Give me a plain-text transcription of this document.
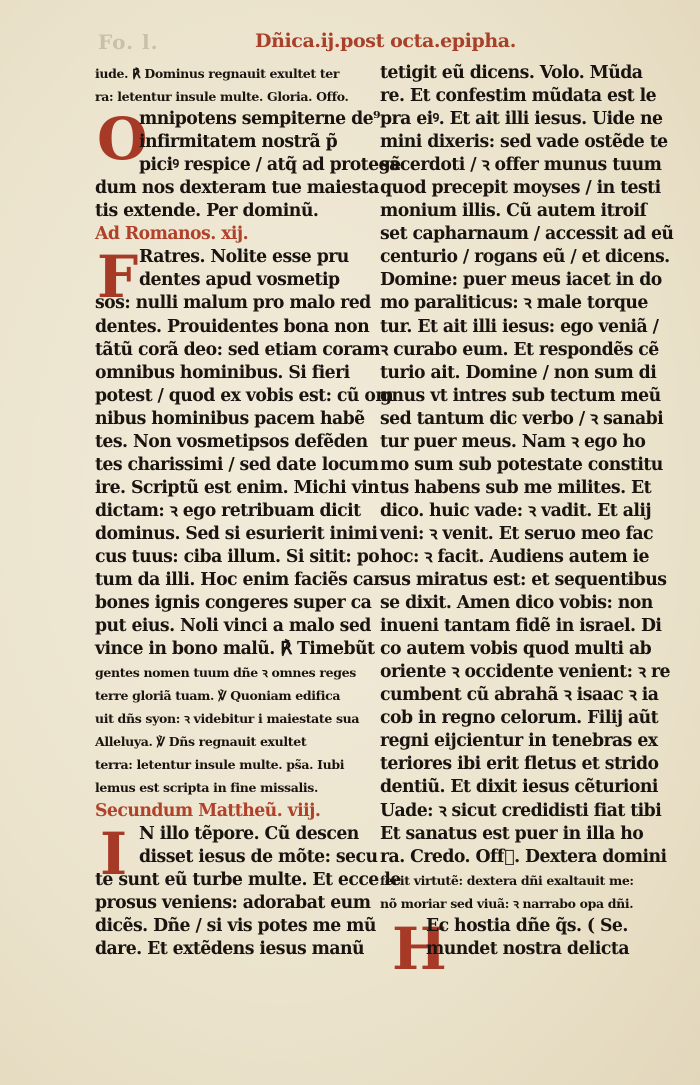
Fo. l.	Dñica.ij.post octa.epipha.
O
F
I
H
iude. ℟ Dominus regnauit exultet ter
ra: letentur insule multe. Gloria. Offo.
mnipotens sempiterne de⁹
infirmitatem nostrã p̃
piciꝰ respice / atq̃ ad protegẽ
dum nos dexteram tue maiesta
tis extende. Per dominũ.
Ad Romanos. xij.
Ratres. Nolite esse pru
dentes apud vosmetip
sos: nulli malum pro malo red
dentes. Prouidentes bona non
tãtũ corã deo: sed etiam coram
omnibus hominibus. Si fieri
potest / quod ex vobis est: cũ om
nibus hominibus pacem habẽ
tes. Non vosmetipsos defẽden
tes charissimi / sed date locum
ire. Scriptũ est enim. Michi vin
dictam: ꝛ ego retribuam dicit
dominus. Sed si esurierit inimi
cus tuus: ciba illum. Si sitit: po
tum da illi. Hoc enim faciẽs car
bones ignis congeres super ca
put eius. Noli vinci a malo sed
vince in bono malũ. ℟ Timebũt
gentes nomen tuum dñe ꝛ omnes reges
terre gloriã tuam. ℣ Quoniam edifica
uit dñs syon: ꝛ videbitur i maiestate sua
Alleluya. ℣ Dñs regnauit exultet
terra: letentur insule multe. ps̃a. Iubi
lemus est scripta in fine missalis.
Secundum Mattheũ. viij.
N illo tẽpore. Cũ descen
disset iesus de mõte: secu
te sunt eũ turbe multe. Et ecce le
prosus veniens: adorabat eum
dicẽs. Dñe / si vis potes me mũ
dare. Et extẽdens iesus manũ
tetigit eũ dicens. Volo. Mũda
re. Et confestim mũdata est le
pra eiꝰ. Et ait illi iesus. Uide ne
mini dixeris: sed vade ostẽde te
sacerdoti / ꝛ offer munus tuum
quod precepit moyses / in testi
monium illis. Cũ autem itroiſ
set capharnaum / accessit ad eũ
centurio / rogans eũ / et dicens.
Domine: puer meus iacet in do
mo paraliticus: ꝛ male torque
tur. Et ait illi iesus: ego veniã /
ꝛ curabo eum. Et respondẽs cẽ
turio ait. Domine / non sum di
gnus vt intres sub tectum meũ
sed tantum dic verbo / ꝛ sanabi
tur puer meus. Nam ꝛ ego ho
mo sum sub potestate constitu
tus habens sub me milites. Et
dico. huic vade: ꝛ vadit. Et alij
veni: ꝛ venit. Et seruo meo fac
hoc: ꝛ facit. Audiens autem ie
sus miratus est: et sequentibus
se dixit. Amen dico vobis: non
inueni tantam fidẽ in israel. Di
co autem vobis quod multi ab
oriente ꝛ occidente venient: ꝛ re
cumbent cũ abrahã ꝛ isaac ꝛ ia
cob in regno celorum. Filij aũt
regni eijcientur in tenebras ex
teriores ibi erit fletus et strido
dentiũ. Et dixit iesus cẽturioni
Uade: ꝛ sicut credidisti fiat tibi
Et sanatus est puer in illa ho
ra. Credo. Offᷣ. Dextera domini
fecit virtutẽ: dextera dñi exaltauit me:
nõ moriar sed viuã: ꝛ narrabo opa dñi.
Ec hostia dñe q̃s. ( Se.
mundet nostra delicta
